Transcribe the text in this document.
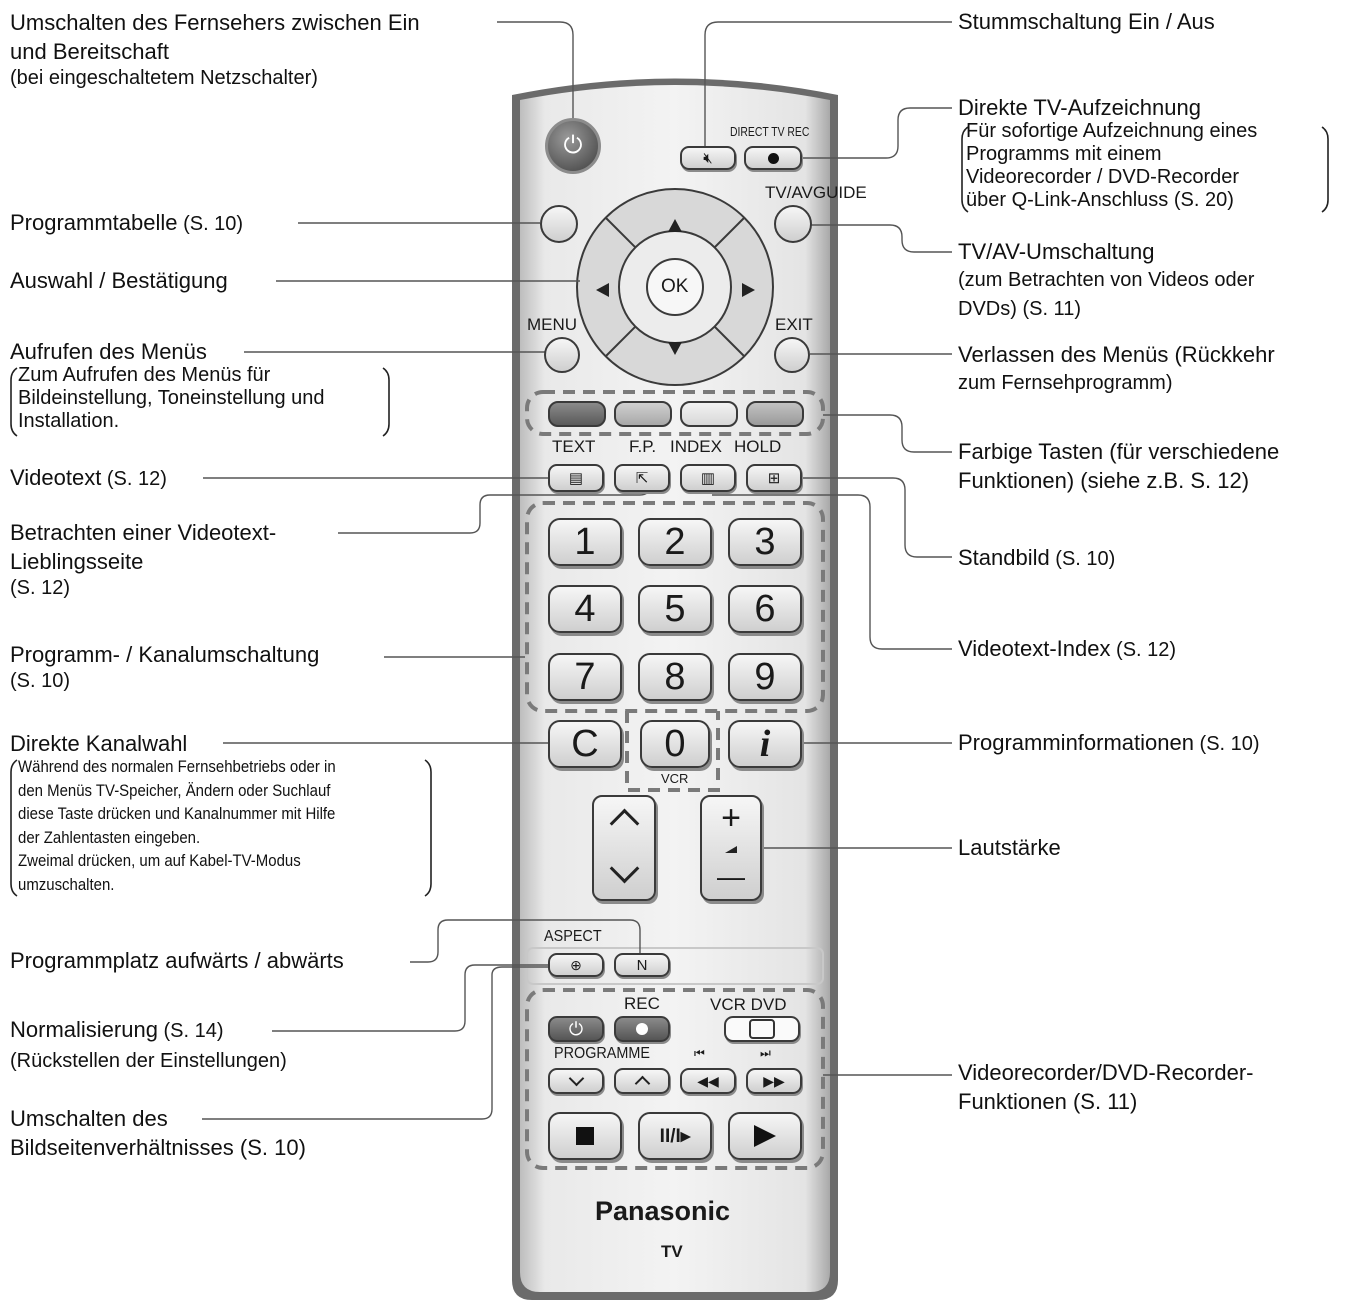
⏻
DIRECT TV REC
🔇︎
TV/AVGUIDE
OK
MENU	EXIT
TEXT F.P. INDEX HOLD
▤	⇱	▥	⊞
1	2	3
4	5	6
7	8	9
C	0	i
VCR
+
—
ASPECT
⊕	N
REC	VCR DVD
⏻
PROGRAMME	⏮	⏭
◀◀	▶▶
II/I▸
Panasonic
TV
Umschalten des Fernsehers zwischen Ein
und Bereitschaft
(bei eingeschaltetem Netzschalter)
Programmtabelle (S. 10)
Auswahl / Bestätigung
Aufrufen des Menüs
Zum Aufrufen des Menüs für
Bildeinstellung, Toneinstellung und
Installation.
Videotext (S. 12)
Betrachten einer Videotext-
Lieblingsseite
(S. 12)
Programm- / Kanalumschaltung
(S. 10)
Direkte Kanalwahl
Während des normalen Fernsehbetriebs oder in
den Menüs TV-Speicher, Ändern oder Suchlauf
diese Taste drücken und Kanalnummer mit Hilfe
der Zahlentasten eingeben.
Zweimal drücken, um auf Kabel-TV-Modus
umzuschalten.
Programmplatz aufwärts / abwärts
Normalisierung (S. 14)
(Rückstellen der Einstellungen)
Umschalten des
Bildseitenverhältnisses (S. 10)
Stummschaltung Ein / Aus
Direkte TV-Aufzeichnung
Für sofortige Aufzeichnung eines
Programms mit einem
Videorecorder / DVD-Recorder
über Q-Link-Anschluss (S. 20)
TV/AV-Umschaltung
(zum Betrachten von Videos oder
DVDs) (S. 11)
Verlassen des Menüs (Rückkehr
zum Fernsehprogramm)
Farbige Tasten (für verschiedene
Funktionen) (siehe z.B. S. 12)
Standbild (S. 10)
Videotext-Index (S. 12)
Programminformationen (S. 10)
Lautstärke
Videorecorder/DVD-Recorder-
Funktionen (S. 11)
